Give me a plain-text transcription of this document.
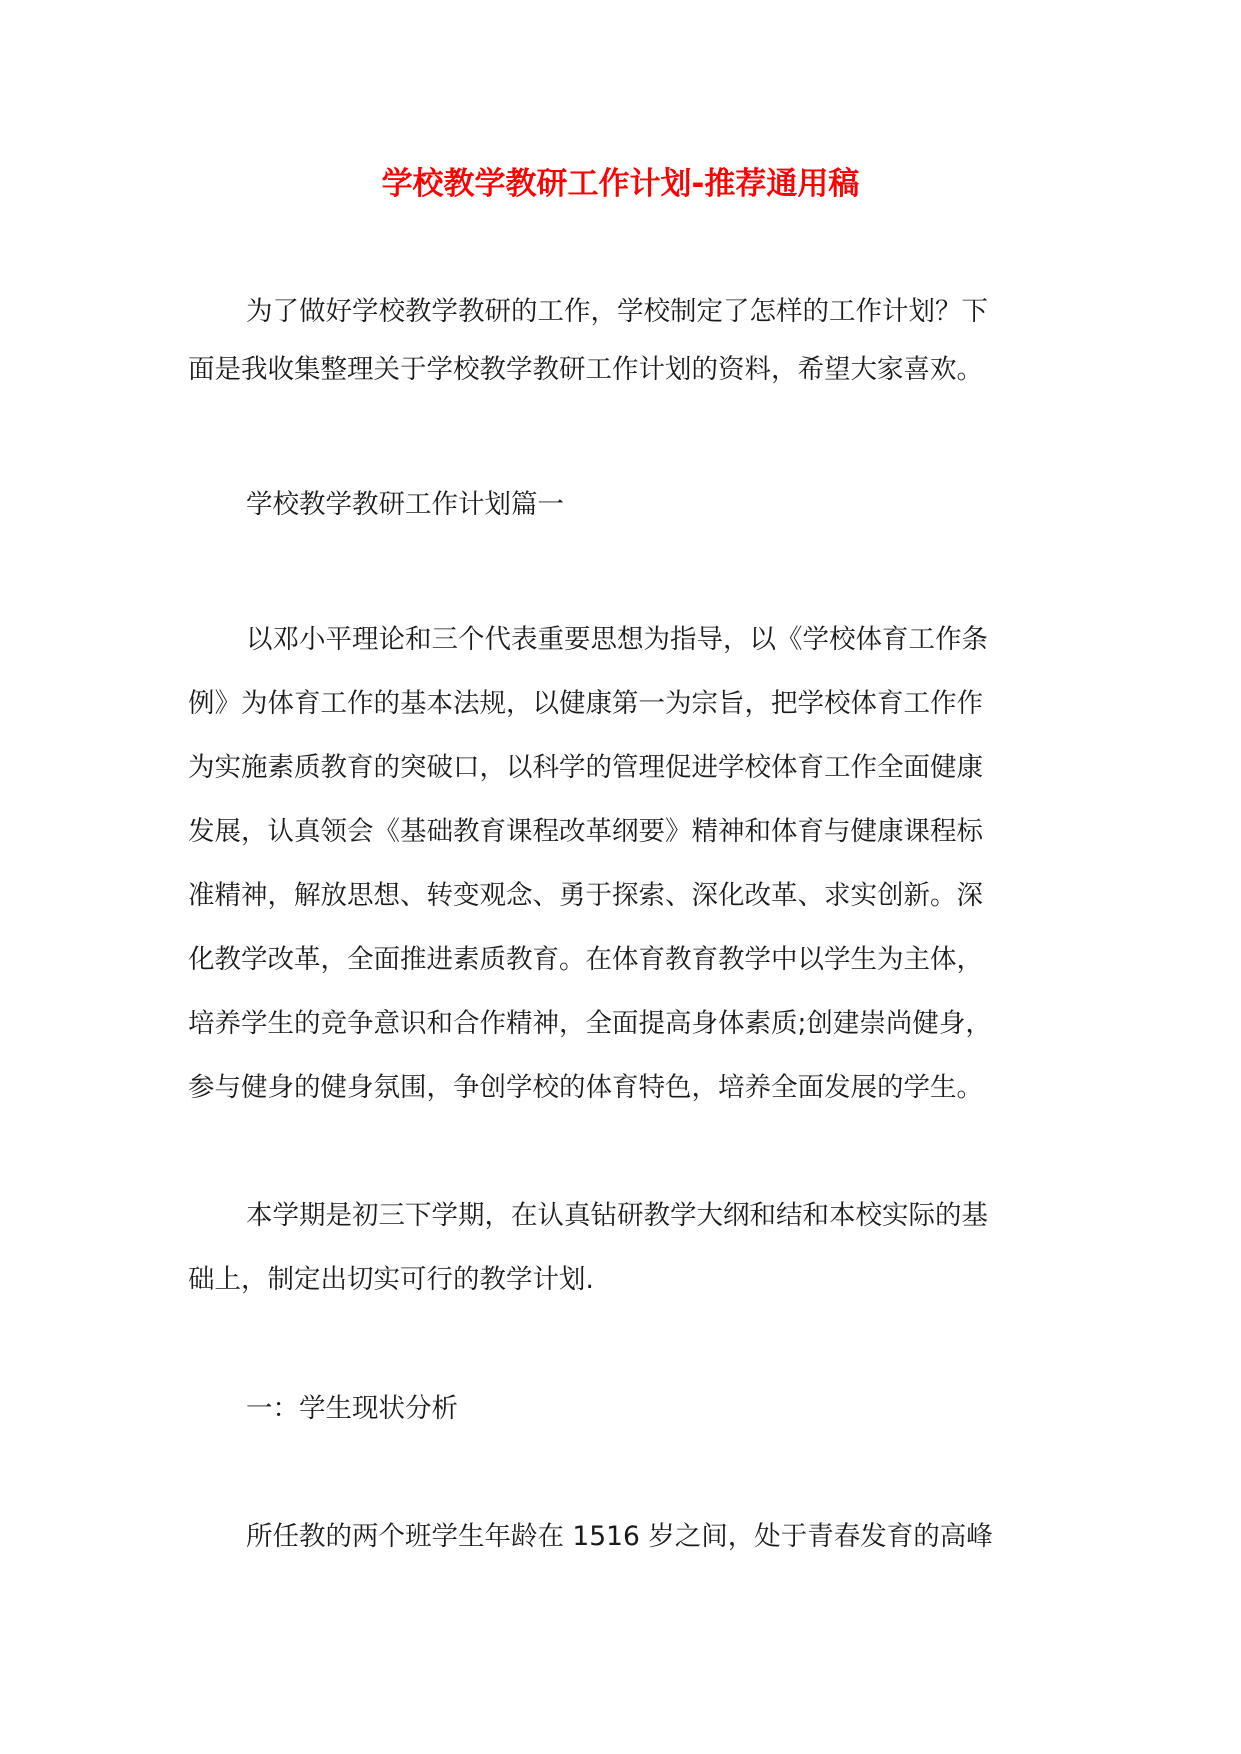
学校教学教研工作计划-推荐通用稿

为了做好学校教学教研的工作，学校制定了怎样的工作计划？下

面是我收集整理关于学校教学教研工作计划的资料，希望大家喜欢。

学校教学教研工作计划篇一

以邓小平理论和三个代表重要思想为指导，以《学校体育工作条

例》为体育工作的基本法规，以健康第一为宗旨，把学校体育工作作

为实施素质教育的突破口，以科学的管理促进学校体育工作全面健康

发展，认真领会《基础教育课程改革纲要》精神和体育与健康课程标

准精神，解放思想、转变观念、勇于探索、深化改革、求实创新。深

化教学改革，全面推进素质教育。在体育教育教学中以学生为主体，

培养学生的竞争意识和合作精神，全面提高身体素质;创建崇尚健身，

参与健身的健身氛围，争创学校的体育特色，培养全面发展的学生。

本学期是初三下学期，在认真钻研教学大纲和结和本校实际的基

础上，制定出切实可行的教学计划.

一：学生现状分析

所任教的两个班学生年龄在 1516 岁之间，处于青春发育的高峰
